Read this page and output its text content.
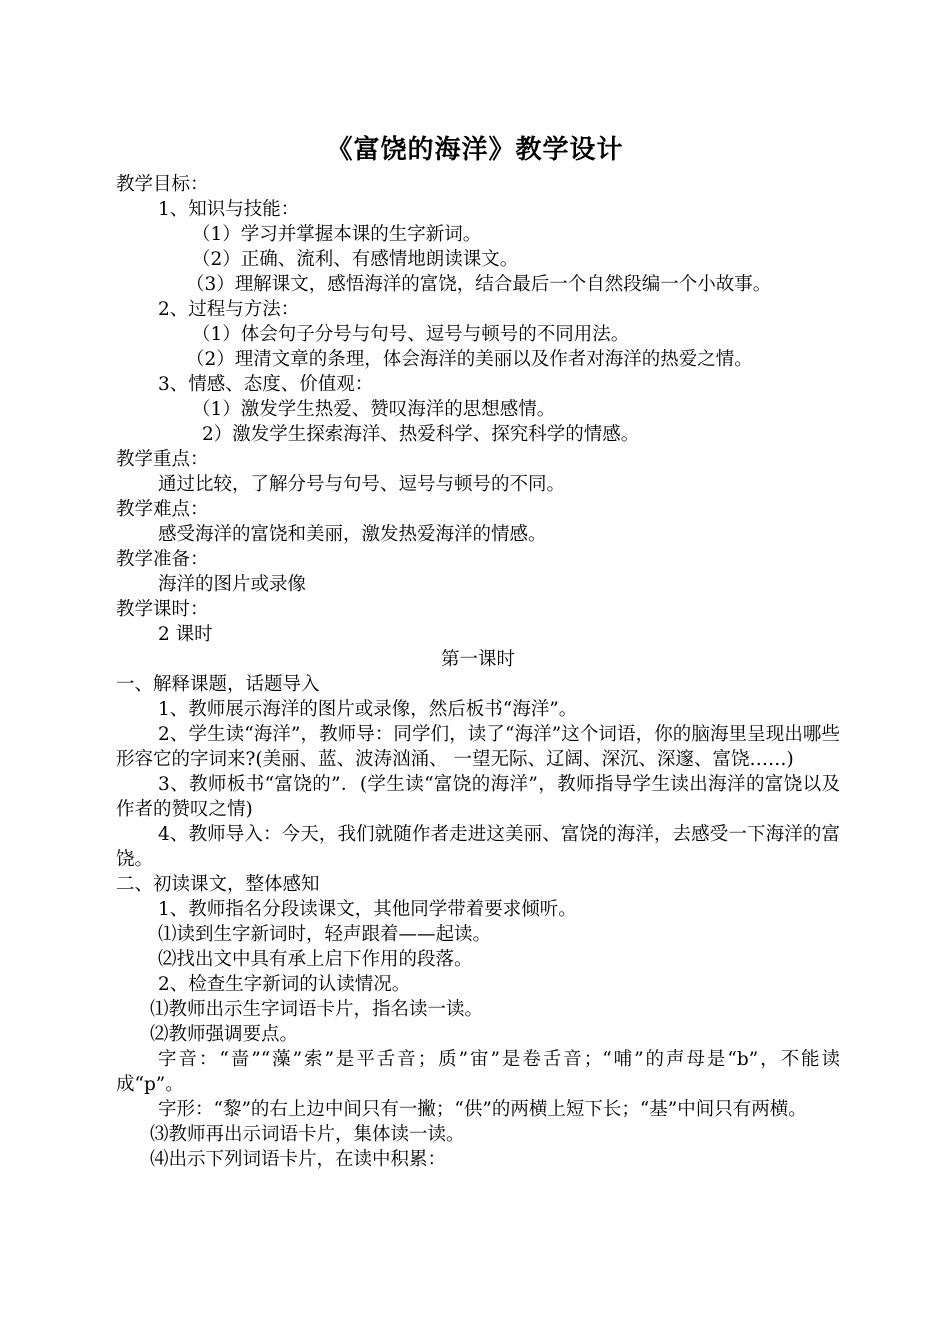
《富饶的海洋》教学设计

教学目标：

1、知识与技能：

（1）学习并掌握本课的生字新词。

（2）正确、流利、有感情地朗读课文。

（3）理解课文，感悟海洋的富饶，结合最后一个自然段编一个小故事。

2、过程与方法：

（1）体会句子分号与句号、逗号与顿号的不同用法。

（2）理清文章的条理，体会海洋的美丽以及作者对海洋的热爱之情。

3、情感、态度、价值观：

（1）激发学生热爱、赞叹海洋的思想感情。

2）激发学生探索海洋、热爱科学、探究科学的情感。

教学重点：

通过比较，了解分号与句号、逗号与顿号的不同。

教学难点：

感受海洋的富饶和美丽，激发热爱海洋的情感。

教学准备：

海洋的图片或录像

教学课时：

2 课时

第一课时

一、解释课题，话题导入

1、教师展示海洋的图片或录像，然后板书“海洋”。

2、学生读“海洋”，教师导：同学们，读了“海洋”这个词语，你的脑海里呈现出哪些形容它的字词来?(美丽、蓝、波涛汹涌、 一望无际、辽阔、深沉、深邃、富饶……)

3、教师板书“富饶的”．(学生读“富饶的海洋”，教师指导学生读出海洋的富饶以及作者的赞叹之情)

4、教师导入：今天，我们就随作者走进这美丽、富饶的海洋，去感受一下海洋的富饶。

二、初读课文，整体感知

1、教师指名分段读课文，其他同学带着要求倾听。

⑴读到生字新词时，轻声跟着——起读。

⑵找出文中具有承上启下作用的段落。

2、检查生字新词的认读情况。

⑴教师出示生字词语卡片，指名读一读。

⑵教师强调要点。

字音：“啬”“藻”索”是平舌音；质”宙”是卷舌音；“哺”的声母是“b”，不能读成“p”。

字形：“黎”的右上边中间只有一撇；“供”的两横上短下长；“基”中间只有两横。

⑶教师再出示词语卡片，集体读一读。

⑷出示下列词语卡片，在读中积累：
